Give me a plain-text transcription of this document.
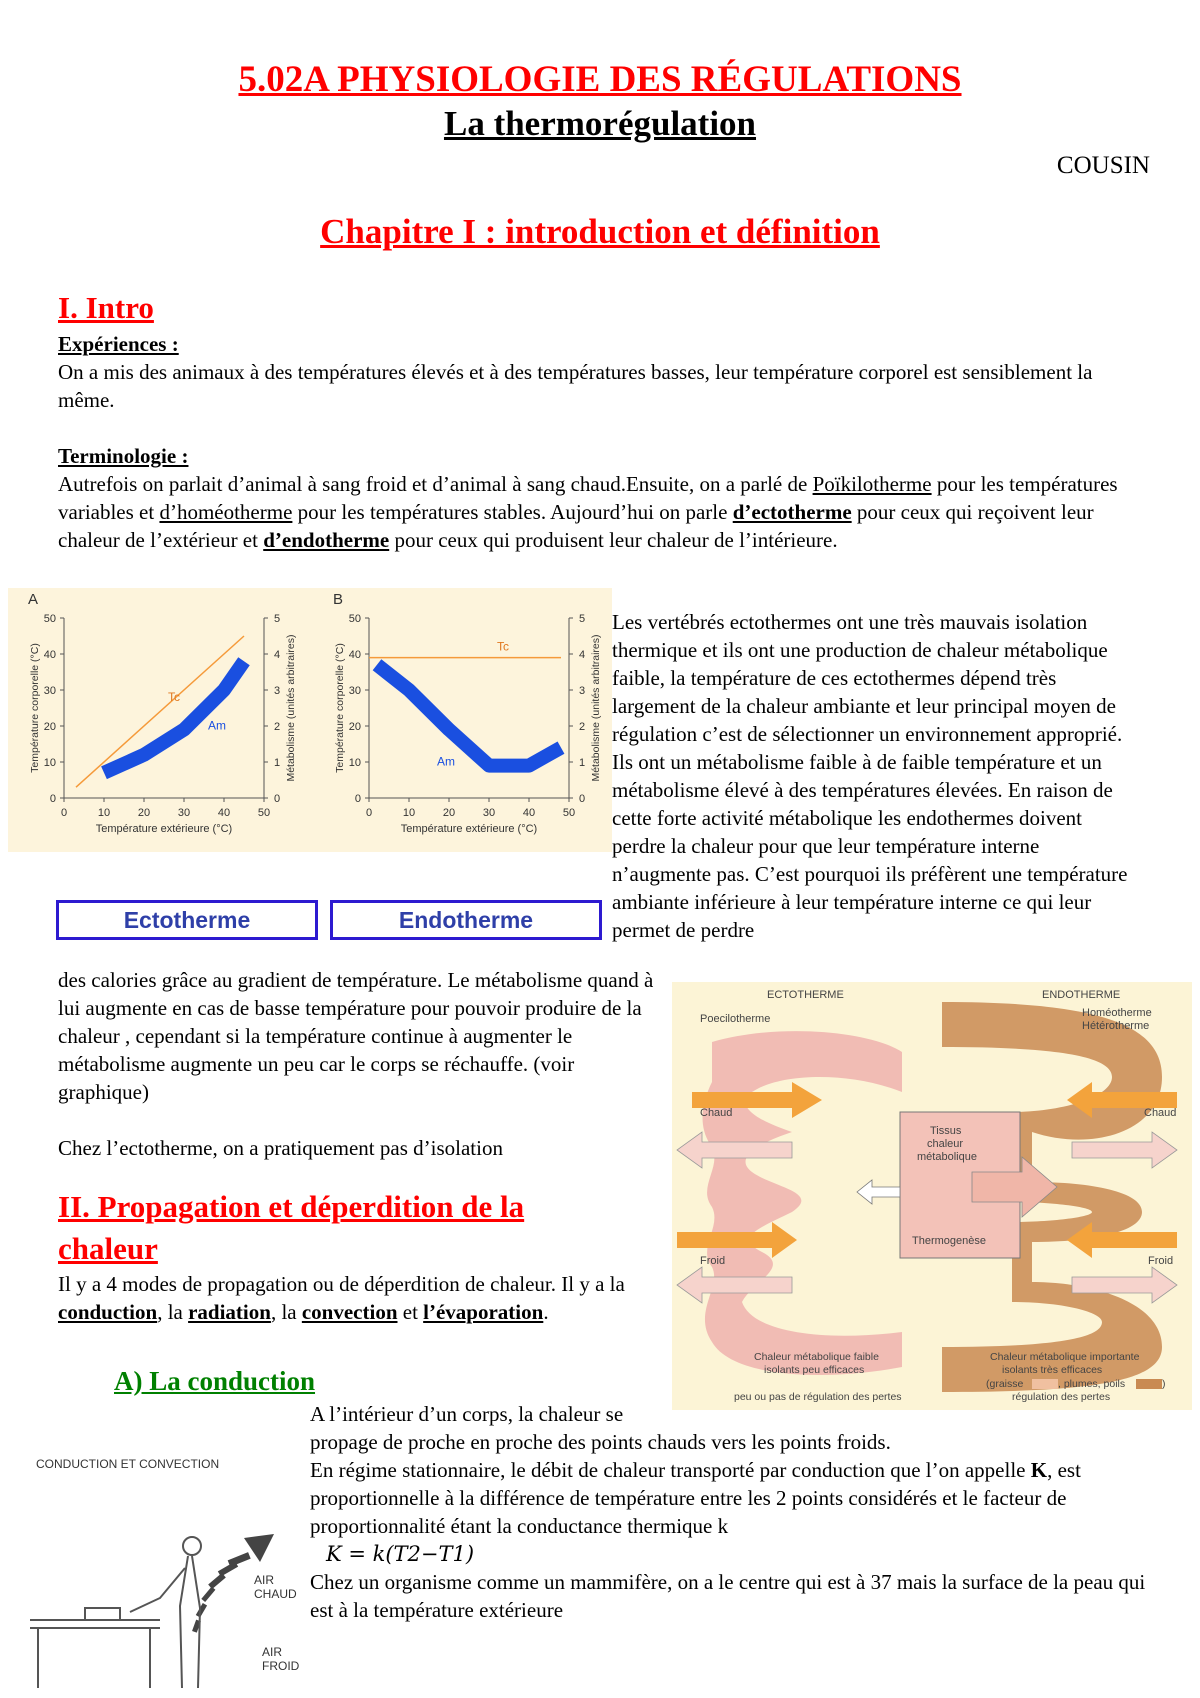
5.02A PHYSIOLOGIE DES RÉGULATIONS
La thermorégulation
COUSIN
Chapitre I : introduction et définition
I. Intro

Expériences :

On a mis des animaux à des températures élevés et à des températures basses, leur température corporel est sensiblement la même.

Terminologie :

Autrefois on parlait d’animal à sang froid et d’animal à sang chaud.Ensuite, on a parlé de Poïkilotherme pour les températures variables et d’homéotherme pour les températures stables. Aujourd’hui on parle d’ectotherme pour ceux qui reçoivent leur chaleur de l’extérieur et d’endotherme pour ceux qui produisent leur chaleur de l’intérieure.

A
0
10
20
30
40
50
0
1
2
3
4
5
0	10	20	30	40	50
Température extérieure (°C)
Température corporelle (°C)	Métabolisme (unités arbitraires)
Tc
Am
B
0
10
20
30
40
50
0
1
2
3
4
5
0	10	20	30	40	50
Température extérieure (°C)
Température corporelle (°C)	Métabolisme (unités arbitraires)
Tc
Am
Les vertébrés ectothermes ont une très mauvais isolation thermique et ils ont une production de chaleur métabolique faible, la température de ces ectothermes dépend très largement de la chaleur ambiante et leur principal moyen de régulation c’est de sélectionner un environnement approprié. Ils ont un métabolisme faible à de faible température et un métabolisme élevé à des températures élevées. En raison de cette forte activité métabolique les endothermes doivent perdre la chaleur pour que leur température interne n’augmente pas. C’est pourquoi ils préfèrent une température ambiante inférieure à leur température interne ce qui leur permet de perdre
Ectotherme	Endotherme
des calories grâce au gradient de température. Le métabolisme quand à lui augmente en cas de basse température pour pouvoir produire de la chaleur , cependant si la température continue à augmenter le métabolisme augmente un peu car le corps se réchauffe. (voir graphique)
Chez l’ectotherme, on a pratiquement pas d’isolation
ECTOTHERME	ENDOTHERME
Poecilotherme	Homéotherme
Hétérotherme
Chaud	Chaud
Froid	Froid
Tissus
chaleur
métabolique
Thermogenèse
Chaleur métabolique faible
isolants peu efficaces
peu ou pas de régulation des pertes
Chaleur métabolique importante
isolants très efficaces
(graisse	, plumes, poils	)
régulation des pertes

II. Propagation et déperdition de la

chaleur

Il y a 4 modes de propagation ou de déperdition de chaleur. Il y a la conduction, la radiation, la convection et l’évaporation.
A) La conduction
CONDUCTION ET CONVECTION
AIR
CHAUD
AIR
FROID

A l’intérieur d’un corps, la chaleur se

propage de proche en proche des points chauds vers les points froids.

En régime stationnaire, le débit de chaleur transporté par conduction que l’on appelle K, est proportionnelle à la différence de température entre les 2 points considérés et le facteur de proportionnalité étant la conductance thermique k

K = k(T2−T1)

Chez un organisme comme un mammifère, on a le centre qui est à 37 mais la surface de la peau qui est à la température extérieure
